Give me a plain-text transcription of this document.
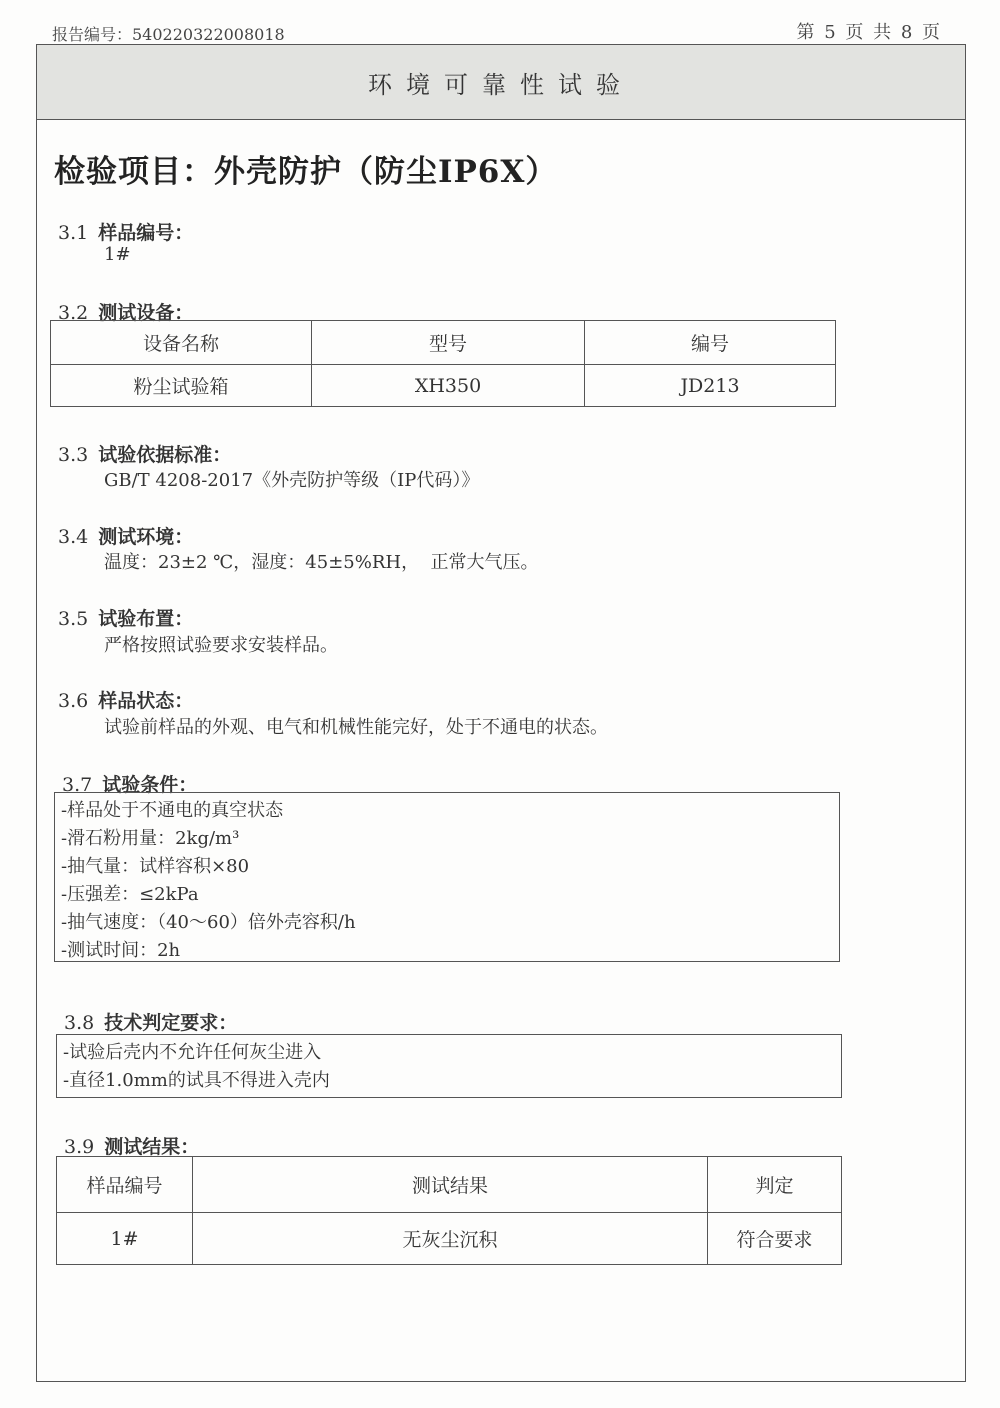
报告编号：540220322008018	第 5 页 共 8 页
环境可靠性试验
检验项目：外壳防护（防尘IP6X）
3.1 样品编号：
1#
3.2 测试设备：
设备名称	型号	编号
粉尘试验箱	XH350	JD213
3.3 试验依据标准：
GB/T 4208-2017《外壳防护等级（IP代码）》
3.4 测试环境：
温度：23±2 ℃，湿度：45±5%RH，  正常大气压。
3.5 试验布置：
严格按照试验要求安装样品。
3.6 样品状态：
试验前样品的外观、电气和机械性能完好，处于不通电的状态。
3.7 试验条件：
-样品处于不通电的真空状态
-滑石粉用量：2kg/m³
-抽气量：试样容积×80
-压强差：≤2kPa
-抽气速度：（40～60）倍外壳容积/h
-测试时间：2h
3.8 技术判定要求：
-试验后壳内不允许任何灰尘进入
-直径1.0mm的试具不得进入壳内
3.9 测试结果：
样品编号	测试结果	判定
1#	无灰尘沉积	符合要求
